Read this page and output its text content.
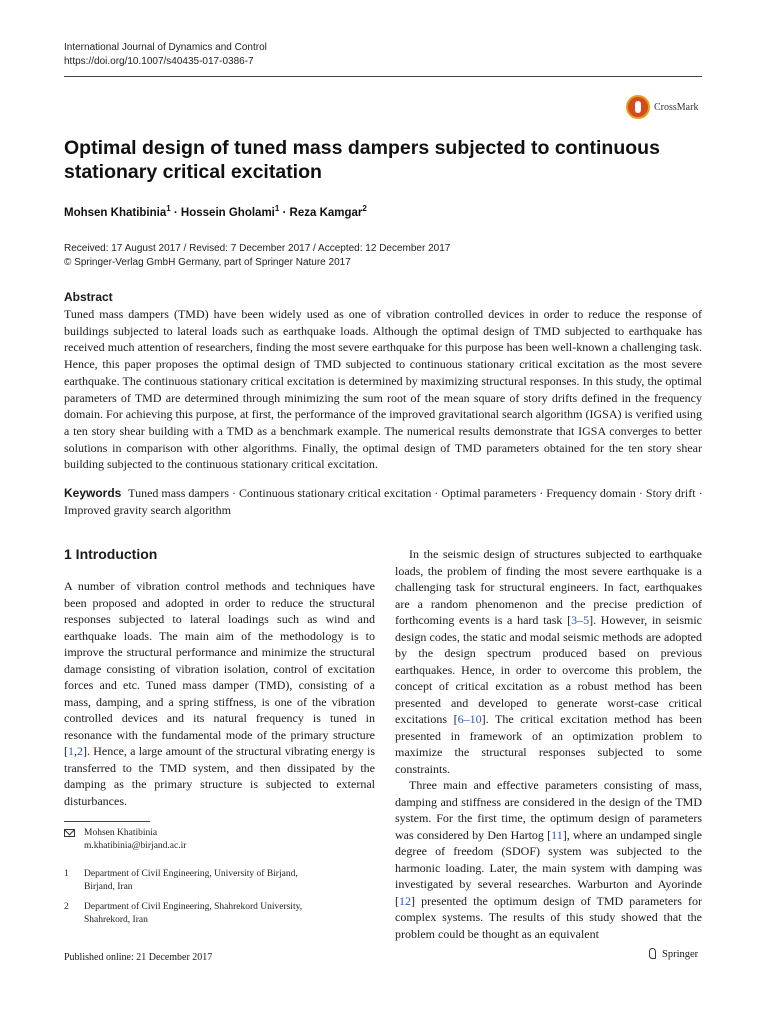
International Journal of Dynamics and Control
https://doi.org/10.1007/s40435-017-0386-7
CrossMark
Optimal design of tuned mass dampers subjected to continuous stationary critical excitation
Mohsen Khatibinia$^1$ · Hossein Gholami$^1$ · Reza Kamgar$^2$
Received: 17 August 2017 / Revised: 7 December 2017 / Accepted: 12 December 2017
© Springer-Verlag GmbH Germany, part of Springer Nature 2017
Abstract
Tuned mass dampers (TMD) have been widely used as one of vibration controlled devices in order to reduce the response of buildings subjected to lateral loads such as earthquake loads. Although the optimal design of TMD subjected to earthquake has received much attention of researchers, finding the most severe earthquake for this purpose has been well-known a challenging task. Hence, this paper proposes the optimal design of TMD subjected to continuous stationary critical excitation as the most severe earthquake. The continuous stationary critical excitation is determined by maximizing structural responses. In this study, the optimal parameters of TMD are determined through minimizing the sum root of the mean square of story drifts defined in the frequency domain. For achieving this purpose, at first, the performance of the improved gravitational search algorithm (IGSA) is verified using a ten story shear building with a TMD as a benchmark example. The numerical results demonstrate that IGSA converges to better solutions in comparison with other algorithms. Finally, the optimal design of TMD parameters obtained for the ten story shear building subjected to the continuous stationary critical excitation.
Keywords Tuned mass dampers · Continuous stationary critical excitation · Optimal parameters · Frequency domain · Story drift · Improved gravity search algorithm
1 Introduction

A number of vibration control methods and techniques have been proposed and adopted in order to reduce the structural responses subjected to lateral loadings such as wind and earthquake loads. The main aim of the methodology is to improve the structural performance and minimize the structural damage consisting of vibration isolation, control of excitation forces and etc. Tuned mass damper (TMD), consisting of a mass, damping, and a spring stiffness, is one of the vibration controlled devices and its natural frequency is tuned in resonance with the fundamental mode of the primary structure [1,2]. Hence, a large amount of the structural vibrating energy is transferred to the TMD system, and then dissipated by the damping as the primary structure is subjected to external disturbances.

In the seismic design of structures subjected to earthquake loads, the problem of finding the most severe earthquake is a challenging task for structural engineers. In fact, earthquakes are a random phenomenon and the precise prediction of forthcoming events is a hard task [3–5]. However, in seismic design codes, the static and modal seismic methods are adopted by the design spectrum produced based on previous earthquakes. Hence, in order to overcome this problem, the concept of critical excitation as a robust method has been presented and developed to generate worst-case critical excitations [6–10]. The critical excitation method has been presented in framework of an optimization problem to maximize the structural responses subjected to some constraints.

Three main and effective parameters consisting of mass, damping and stiffness are considered in the design of the TMD system. For the first time, the optimum design of parameters was considered by Den Hartog [11], where an undamped single degree of freedom (SDOF) system was subjected to the harmonic loading. Later, the main system with damping was investigated by several researches. Warburton and Ayorinde [12] presented the optimum design of TMD parameters for complex systems. The results of this study showed that the problem could be thought as an equivalent

Mohsen Khatibinia
m.khatibinia@birjand.ac.ir
1 Department of Civil Engineering, University of Birjand,
Birjand, Iran
2 Department of Civil Engineering, Shahrekord University,
Shahrekord, Iran
Published online: 21 December 2017	Springer
